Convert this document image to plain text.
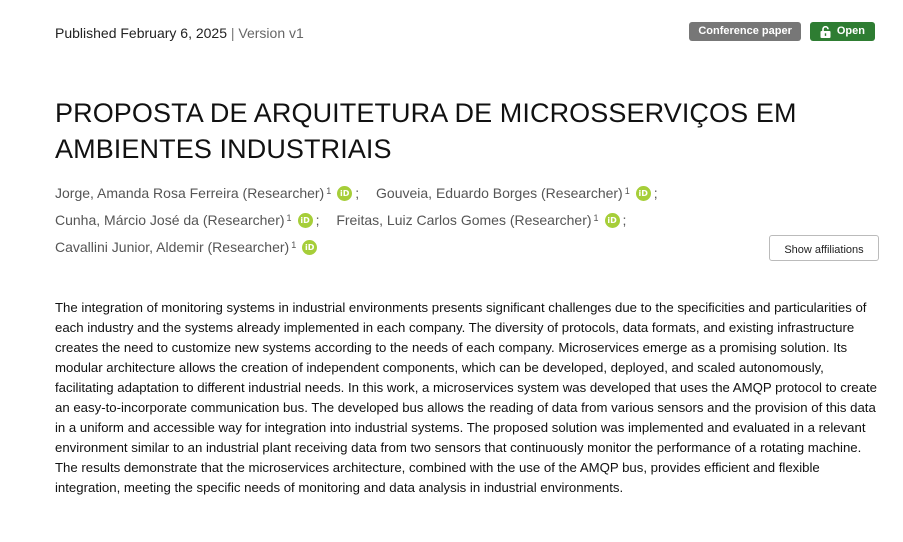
Published February 6, 2025 | Version v1	Conference paper	Open
PROPOSTA DE ARQUITETURA DE MICROSSERVIÇOS EM AMBIENTES INDUSTRIAIS
Jorge, Amanda Rosa Ferreira (Researcher)$^1$	iD ; Gouveia, Eduardo Borges (Researcher)$^1$	iD ;
Cunha, Márcio José da (Researcher)$^1$	iD ; Freitas, Luiz Carlos Gomes (Researcher)$^1$	iD ;
Cavallini Junior, Aldemir (Researcher)$^1$	iD	Show affiliations

The integration of monitoring systems in industrial environments presents significant challenges due to the specificities and particularities of each industry and the systems already implemented in each company. The diversity of protocols, data formats, and existing infrastructure creates the need to customize new systems according to the needs of each company. Microservices emerge as a promising solution. Its modular architecture allows the creation of independent components, which can be developed, deployed, and scaled autonomously, facilitating adaptation to different industrial needs. In this work, a microservices system was developed that uses the AMQP protocol to create an easy-to-incorporate communication bus. The developed bus allows the reading of data from various sensors and the provision of this data in a uniform and accessible way for integration into industrial systems. The proposed solution was implemented and evaluated in a relevant environment similar to an industrial plant receiving data from two sensors that continuously monitor the performance of a rotating machine. The results demonstrate that the microservices architecture, combined with the use of the AMQP bus, provides efficient and flexible integration, meeting the specific needs of monitoring and data analysis in industrial environments.
